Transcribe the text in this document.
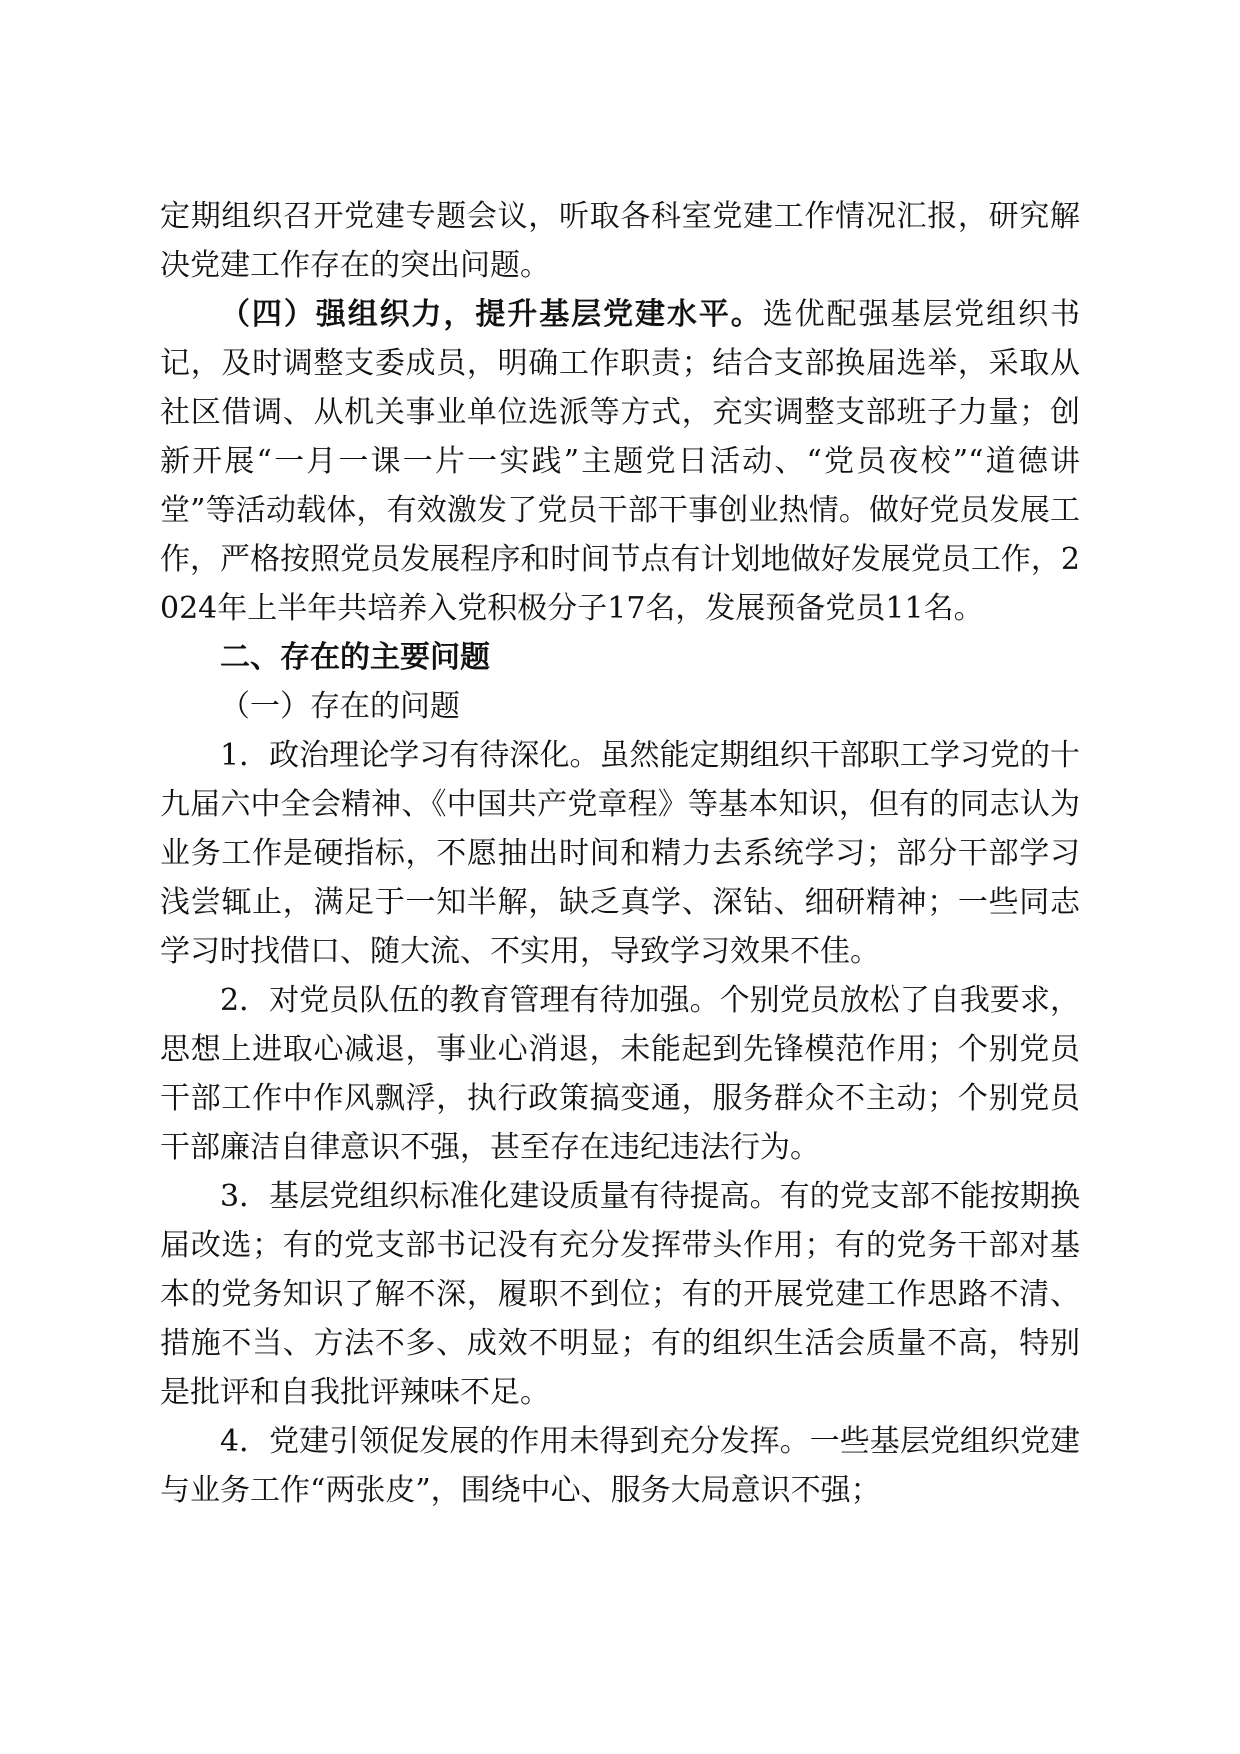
定期组织召开党建专题会议，听取各科室党建工作情况汇报，研究解决党建工作存在的突出问题。

（四）强组织力，提升基层党建水平。选优配强基层党组织书记，及时调整支委成员，明确工作职责；结合支部换届选举，采取从社区借调、从机关事业单位选派等方式，充实调整支部班子力量；创新开展“一月一课一片一实践”主题党日活动、“党员夜校”“道德讲堂”等活动载体，有效激发了党员干部干事创业热情。做好党员发展工作，严格按照党员发展程序和时间节点有计划地做好发展党员工作，2024年上半年共培养入党积极分子17名，发展预备党员11名。

二、存在的主要问题

（一）存在的问题

1．政治理论学习有待深化。虽然能定期组织干部职工学习党的十九届六中全会精神、《中国共产党章程》等基本知识，但有的同志认为业务工作是硬指标，不愿抽出时间和精力去系统学习；部分干部学习浅尝辄止，满足于一知半解，缺乏真学、深钻、细研精神；一些同志学习时找借口、随大流、不实用，导致学习效果不佳。

2．对党员队伍的教育管理有待加强。个别党员放松了自我要求，思想上进取心减退，事业心消退，未能起到先锋模范作用；个别党员干部工作中作风飘浮，执行政策搞变通，服务群众不主动；个别党员干部廉洁自律意识不强，甚至存在违纪违法行为。

3．基层党组织标准化建设质量有待提高。有的党支部不能按期换届改选；有的党支部书记没有充分发挥带头作用；有的党务干部对基本的党务知识了解不深，履职不到位；有的开展党建工作思路不清、措施不当、方法不多、成效不明显；有的组织生活会质量不高，特别是批评和自我批评辣味不足。

4．党建引领促发展的作用未得到充分发挥。一些基层党组织党建与业务工作“两张皮”，围绕中心、服务大局意识不强；
